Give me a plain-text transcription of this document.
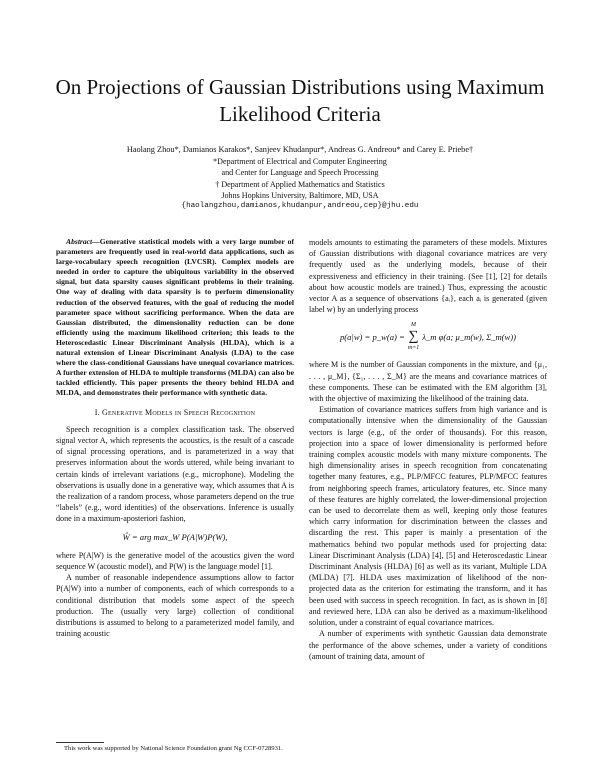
On Projections of Gaussian Distributions using Maximum Likelihood Criteria
Haolang Zhou*, Damianos Karakos*, Sanjeev Khudanpur*, Andreas G. Andreou* and Carey E. Priebe†
*Department of Electrical and Computer Engineering
and Center for Language and Speech Processing
† Department of Applied Mathematics and Statistics
Johns Hopkins University, Baltimore, MD, USA
{haolangzhou,damianos,khudanpur,andreou,cep}@jhu.edu

Abstract—Generative statistical models with a very large number of parameters are frequently used in real-world data applications, such as large-vocabulary speech recognition (LVCSR). Complex models are needed in order to capture the ubiquitous variability in the observed signal, but data sparsity causes significant problems in their training. One way of dealing with data sparsity is to perform dimensionality reduction of the observed features, with the goal of reducing the model parameter space without sacrificing performance. When the data are Gaussian distributed, the dimensionality reduction can be done efficiently using the maximum likelihood criterion; this leads to the Heteroscedastic Linear Discriminant Analysis (HLDA), which is a natural extension of Linear Discriminant Analysis (LDA) to the case where the class-conditional Gaussians have unequal covariance matrices. A further extension of HLDA to multiple transforms (MLDA) can also be tackled efficiently. This paper presents the theory behind HLDA and MLDA, and demonstrates their performance with synthetic data.

I. Generative Models in Speech Recognition

Speech recognition is a complex classification task. The observed signal vector A, which represents the acoustics, is the result of a cascade of signal processing operations, and is parameterized in a way that preserves information about the words uttered, while being invariant to certain kinds of irrelevant variations (e.g., microphone). Modeling the observations is usually done in a generative way, which assumes that A is the realization of a random process, whose parameters depend on the true “labels” (e.g., word identities) of the observations. Inference is usually done in a maximum-aposteriori fashion,

Ŵ = arg max_W P(A|W)P(W),

where P(A|W) is the generative model of the acoustics given the word sequence W (acoustic model), and P(W) is the language model [1].

A number of reasonable independence assumptions allow to factor P(A|W) into a number of components, each of which corresponds to a conditional distribution that models some aspect of the speech production. The (usually very large) collection of conditional distributions is assumed to belong to a parameterized model family, and training acoustic

models amounts to estimating the parameters of these models. Mixtures of Gaussian distributions with diagonal covariance matrices are very frequently used as the underlying models, because of their expressiveness and efficiency in their training. (See [1], [2] for details about how acoustic models are trained.) Thus, expressing the acoustic vector A as a sequence of observations {aᵢ}, each aᵢ is generated (given label w) by an underlying process

p(a|w) = p_w(a) =
M
∑
m=1
λ_m φ(a; μ_m(w), Σ_m(w))

where M is the number of Gaussian components in the mixture, and {μ₁, . . . , μ_M}, {Σ₁, . . . , Σ_M} are the means and covariance matrices of these components. These can be estimated with the EM algorithm [3], with the objective of maximizing the likelihood of the training data.

Estimation of covariance matrices suffers from high variance and is computationally intensive when the dimensionality of the Gaussian vectors is large (e.g., of the order of thousands). For this reason, projection into a space of lower dimensionality is performed before training complex acoustic models with many mixture components. The high dimensionality arises in speech recognition from concatenating together many features, e.g., PLP/MFCC features, PLP/MFCC features from neighboring speech frames, articulatory features, etc. Since many of these features are highly correlated, the lower-dimensional projection can be used to decorrelate them as well, keeping only those features which carry information for discrimination between the classes and discarding the rest. This paper is mainly a presentation of the mathematics behind two popular methods used for projecting data: Linear Discriminant Analysis (LDA) [4], [5] and Heteroscedastic Linear Discriminant Analysis (HLDA) [6] as well as its variant, Multiple LDA (MLDA) [7]. HLDA uses maximization of likelihood of the non-projected data as the criterion for estimating the transform, and it has been used with success in speech recognition. In fact, as is shown in [8] and reviewed here, LDA can also be derived as a maximum-likelihood solution, under a constraint of equal covariance matrices.

A number of experiments with synthetic Gaussian data demonstrate the performance of the above schemes, under a variety of conditions (amount of training data, amount of

This work was supported by National Science Foundation grant Ng CCF-0728931.
